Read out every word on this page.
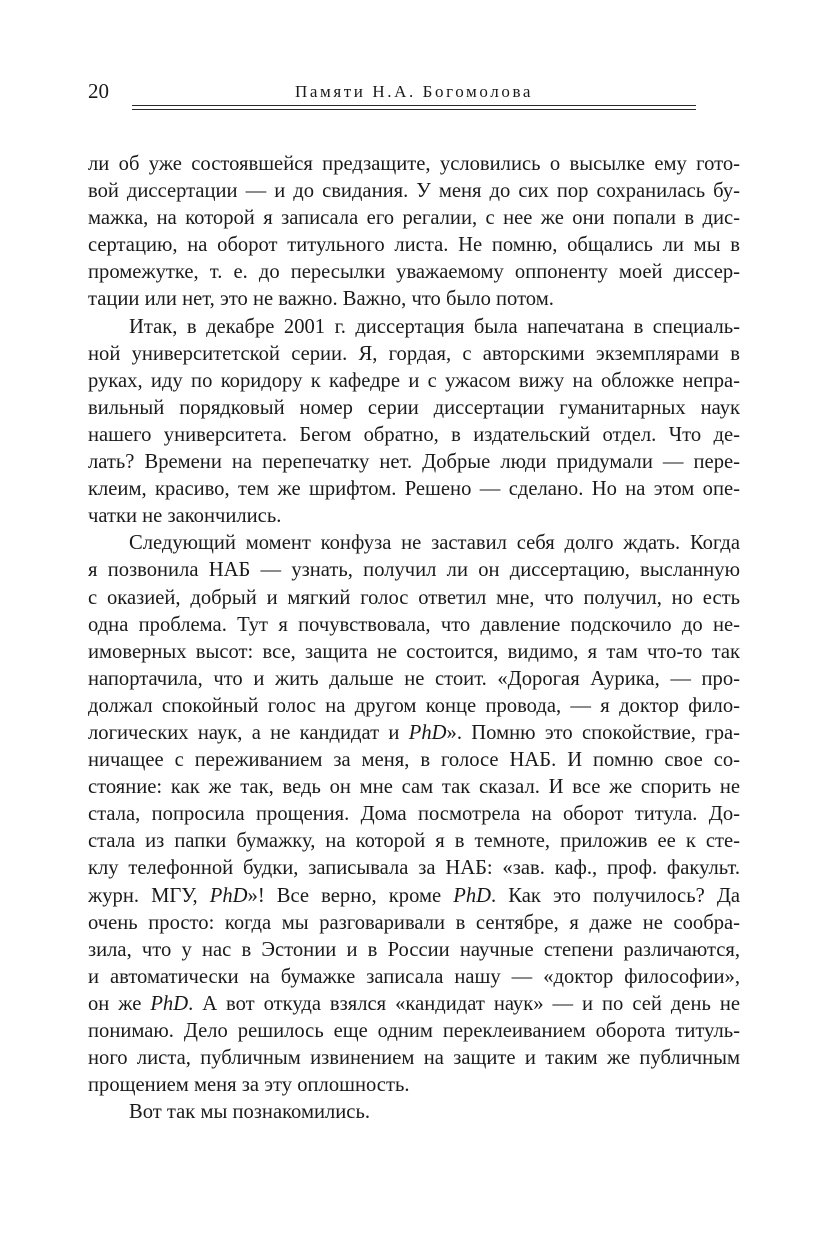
20	Памяти Н.А. Богомолова
ли об уже состоявшейся предзащите, условились о высылке ему гото-
вой диссертации — и до свидания. У меня до сих пор сохранилась бу-
мажка, на которой я записала его регалии, с нее же они попали в дис-
сертацию, на оборот титульного листа. Не помню, общались ли мы в
промежутке, т. е. до пересылки уважаемому оппоненту моей диссер-
тации или нет, это не важно. Важно, что было потом.
Итак, в декабре 2001 г. диссертация была напечатана в специаль-
ной университетской серии. Я, гордая, с авторскими экземплярами в
руках, иду по коридору к кафедре и с ужасом вижу на обложке непра-
вильный порядковый номер серии диссертации гуманитарных наук
нашего университета. Бегом обратно, в издательский отдел. Что де-
лать? Времени на перепечатку нет. Добрые люди придумали — пере-
клеим, красиво, тем же шрифтом. Решено — сделано. Но на этом опе-
чатки не закончились.
Следующий момент конфуза не заставил себя долго ждать. Когда
я позвонила НАБ — узнать, получил ли он диссертацию, высланную
с оказией, добрый и мягкий голос ответил мне, что получил, но есть
одна проблема. Тут я почувствовала, что давление подскочило до не-
имоверных высот: все, защита не состоится, видимо, я там что-то так
напортачила, что и жить дальше не стоит. «Дорогая Аурика, — про-
должал спокойный голос на другом конце провода, — я доктор фило-
логических наук, а не кандидат и PhD». Помню это спокойствие, гра-
ничащее с переживанием за меня, в голосе НАБ. И помню свое со-
стояние: как же так, ведь он мне сам так сказал. И все же спорить не
стала, попросила прощения. Дома посмотрела на оборот титула. До-
стала из папки бумажку, на которой я в темноте, приложив ее к сте-
клу телефонной будки, записывала за НАБ: «зав. каф., проф. факульт.
журн. МГУ, PhD»! Все верно, кроме PhD. Как это получилось? Да
очень просто: когда мы разговаривали в сентябре, я даже не сообра-
зила, что у нас в Эстонии и в России научные степени различаются,
и автоматически на бумажке записала нашу — «доктор философии»,
он же PhD. А вот откуда взялся «кандидат наук» — и по сей день не
понимаю. Дело решилось еще одним переклеиванием оборота титуль-
ного листа, публичным извинением на защите и таким же публичным
прощением меня за эту оплошность.
Вот так мы познакомились.
